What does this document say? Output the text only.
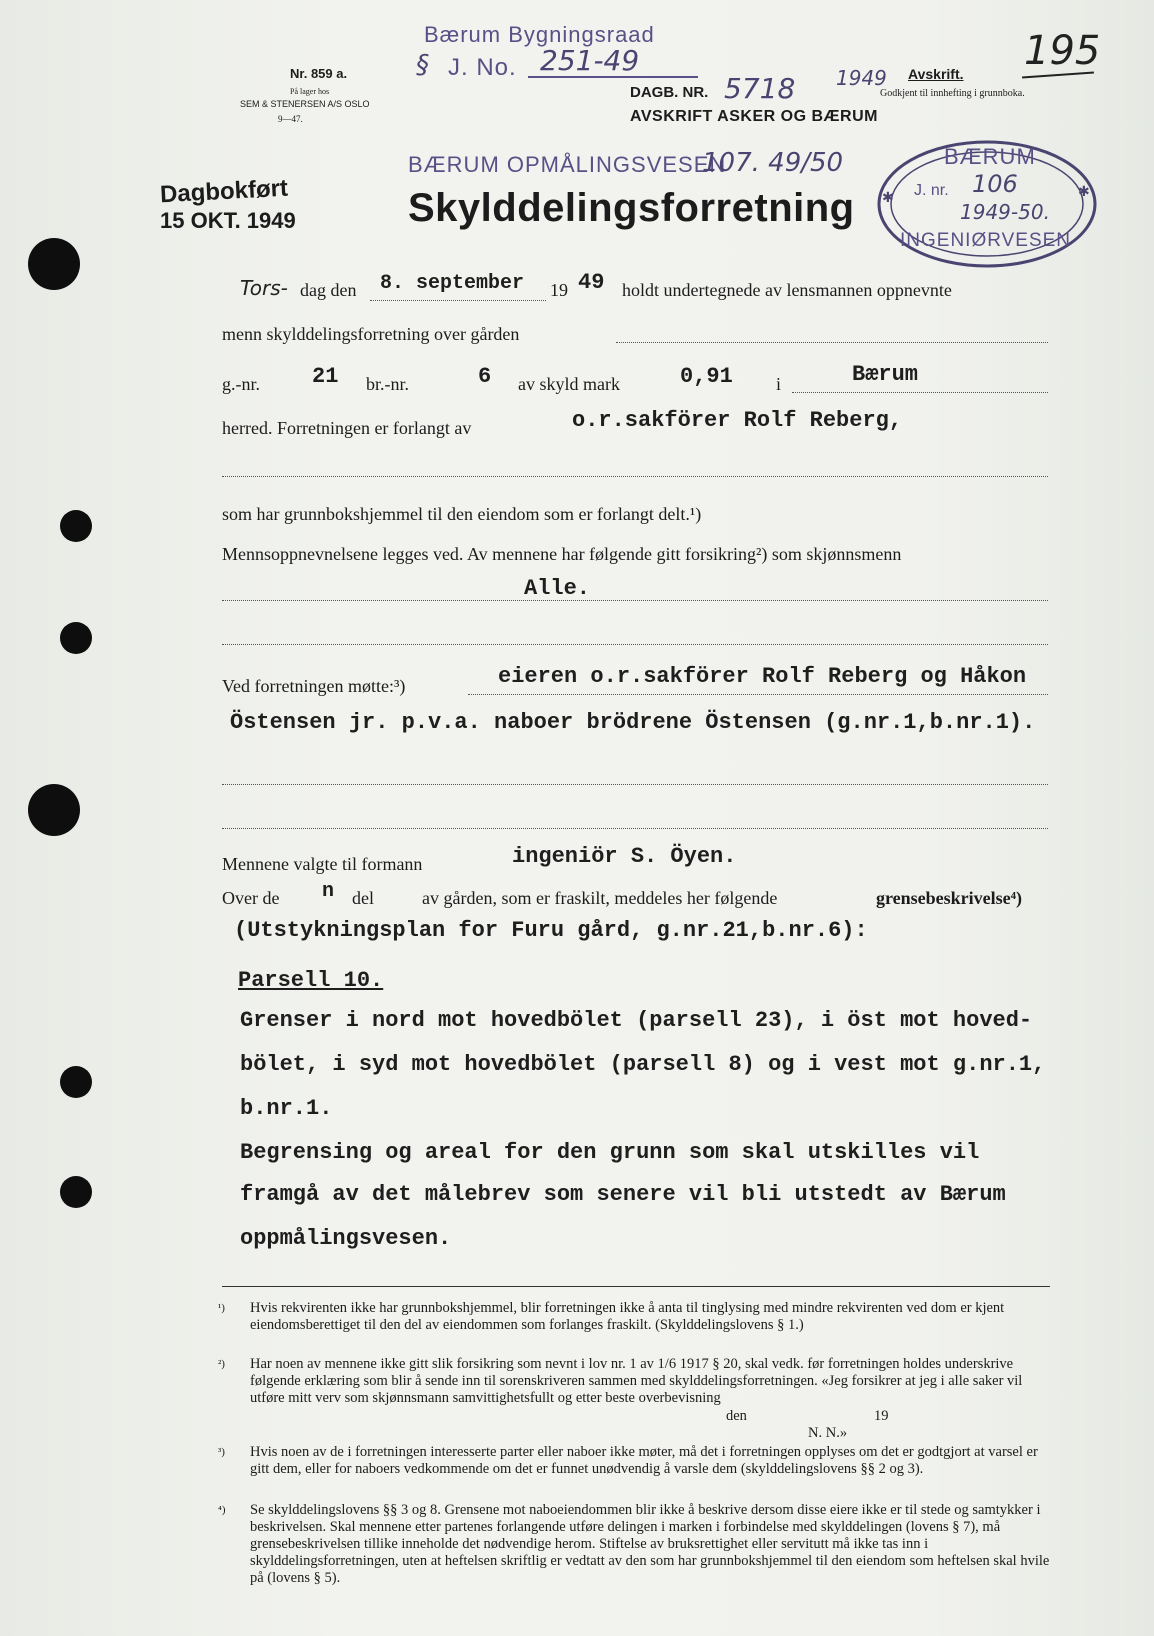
Nr. 859 a.
På lager hos
SEM & STENERSEN A/S OSLO
9—47.
Bærum Bygningsraad
§ J. No. 251-49
DAGB. NR. 5718 1949
AVSKRIFT ASKER OG BÆRUM
Avskrift.
Godkjent til innhefting i grunnboka.
195
BÆRUM OPMÅLINGSVESEN
107. 49/50
Dagbokført
15 OKT. 1949	Skylddelingsforretning
BÆRUM
J. nr. 106
1949-50.
INGENIØRVESEN
✱	✱
Tors- dag den 8. september 19 49 holdt undertegnede av lensmannen oppnevnte
menn skylddelingsforretning over gården
g.-nr. 21 br.-nr.	6 av skyld mark	0,91 i	Bærum
herred. Forretningen er forlangt av	o.r.sakförer Rolf Reberg,
som har grunnbokshjemmel til den eiendom som er forlangt delt.¹)
Mennsoppnevnelsene legges ved. Av mennene har følgende gitt forsikring²) som skjønnsmenn
Alle.
Ved forretningen møtte:³)	eieren o.r.sakförer Rolf Reberg og Håkon
Östensen jr. p.v.a. naboer brödrene Östensen (g.nr.1,b.nr.1).
Mennene valgte til formann	ingeniör S. Öyen.
Over de n del	av gården, som er fraskilt, meddeles her følgende	grensebeskrivelse⁴)
(Utstykningsplan for Furu gård, g.nr.21,b.nr.6):
Parsell 10.
Grenser i nord mot hovedbölet (parsell 23), i öst mot hoved-
bölet, i syd mot hovedbölet (parsell 8) og i vest mot g.nr.1,
b.nr.1.
Begrensing og areal for den grunn som skal utskilles vil
framgå av det målebrev som senere vil bli utstedt av Bærum
oppmålingsvesen.
¹) Hvis rekvirenten ikke har grunnbokshjemmel, blir forretningen ikke å anta til tinglysing med mindre rekvirenten ved dom er kjent eiendomsberettiget til den del av eiendommen som forlanges fraskilt. (Skylddelingslovens § 1.)
²) Har noen av mennene ikke gitt slik forsikring som nevnt i lov nr. 1 av 1/6 1917 § 20, skal vedk. før forretningen holdes underskrive følgende erklæring som blir å sende inn til sorenskriveren sammen med skylddelingsforretningen. «Jeg forsikrer at jeg i alle saker vil utføre mitt verv som skjønnsmann samvittighetsfullt og etter beste overbevisning
den	19
N. N.»
³) Hvis noen av de i forretningen interesserte parter eller naboer ikke møter, må det i forretningen opplyses om det er godtgjort at varsel er gitt dem, eller for naboers vedkommende om det er funnet unødvendig å varsle dem (skylddelingslovens §§ 2 og 3).
⁴) Se skylddelingslovens §§ 3 og 8. Grensene mot naboeiendommen blir ikke å beskrive dersom disse eiere ikke er til stede og samtykker i beskrivelsen. Skal mennene etter partenes forlangende utføre delingen i marken i forbindelse med skylddelingen (lovens § 7), må grensebeskrivelsen tillike inneholde det nødvendige herom. Stiftelse av bruksrettighet eller servitutt må ikke tas inn i skylddelingsforretningen, uten at heftelsen skriftlig er vedtatt av den som har grunnbokshjemmel til den eiendom som heftelsen skal hvile på (lovens § 5).
